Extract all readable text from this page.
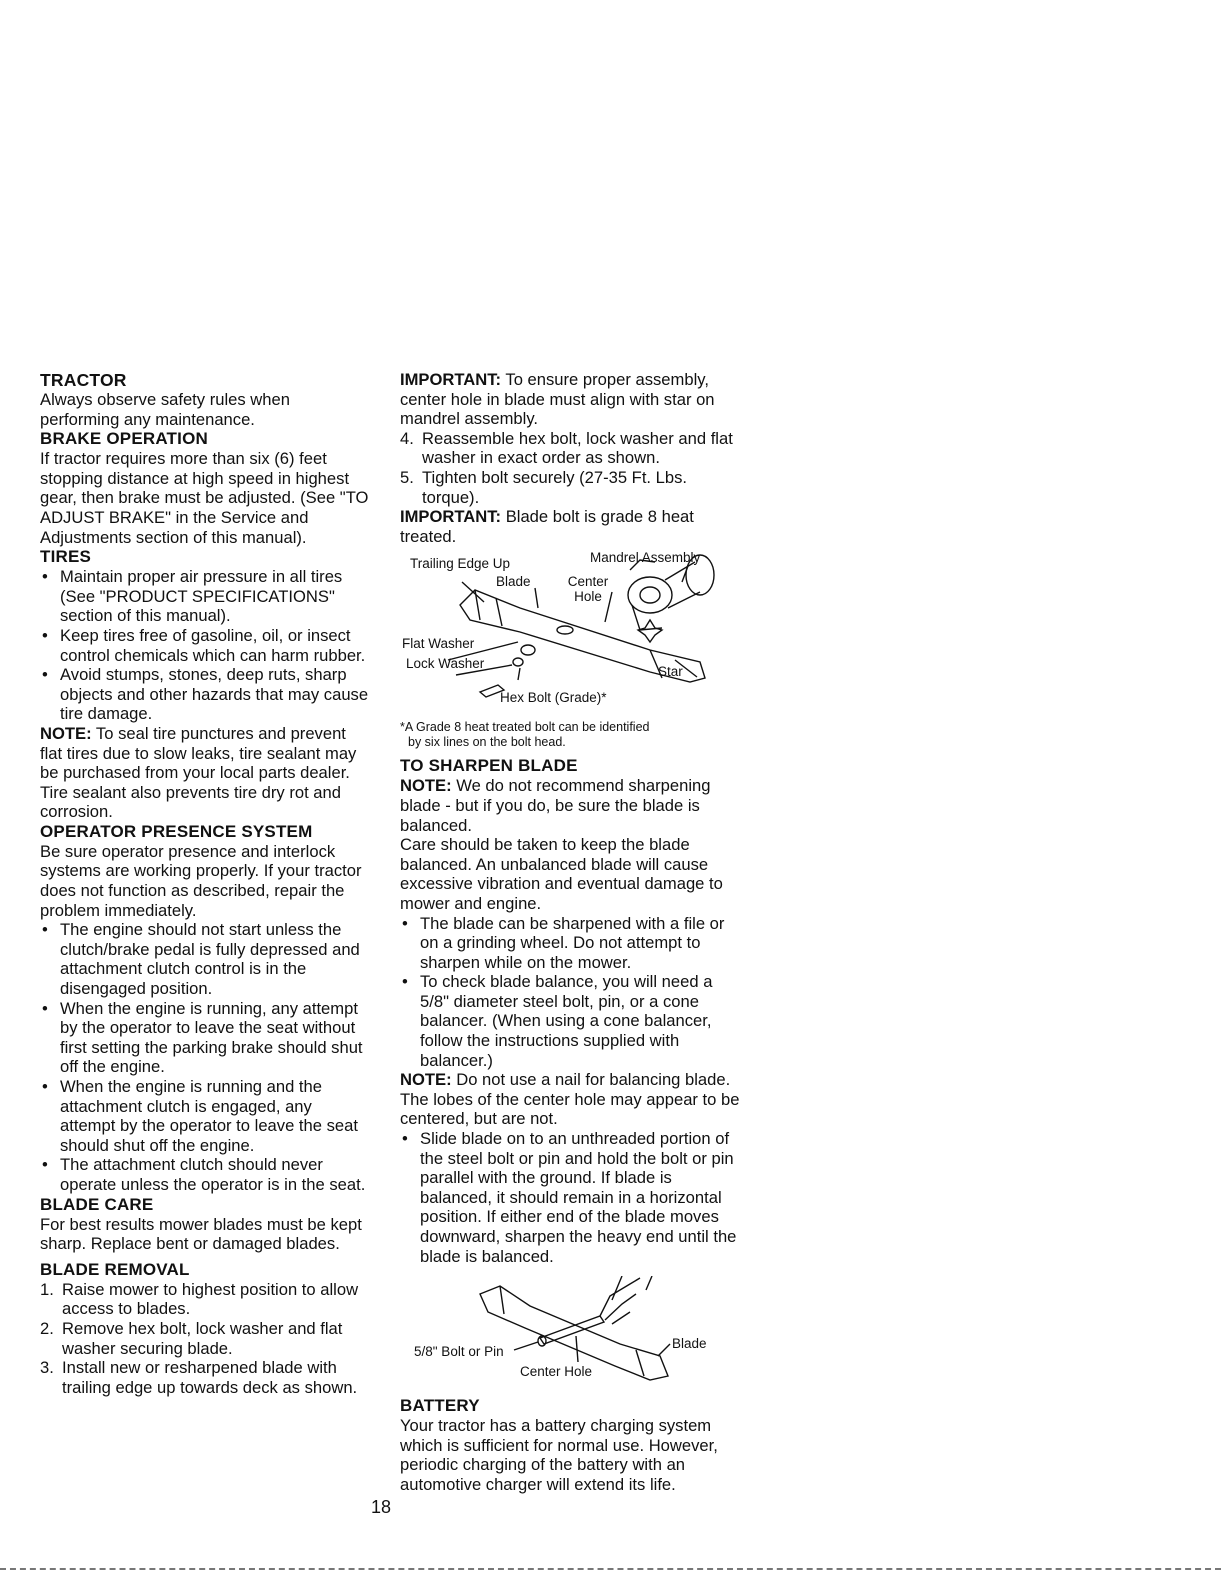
TRACTOR

Always observe safety rules when performing any maintenance.

BRAKE OPERATION

If tractor requires more than six (6) feet stopping distance at high speed in highest gear, then brake must be adjusted. (See "TO ADJUST BRAKE" in the Service and Adjustments section of this manual).

TIRES
• Maintain proper air pressure in all tires (See "PRODUCT SPECIFICATIONS" section of this manual).
• Keep tires free of gasoline, oil, or insect control chemicals which can harm rubber.
• Avoid stumps, stones, deep ruts, sharp objects and other hazards that may cause tire damage.

NOTE: To seal tire punctures and prevent flat tires due to slow leaks, tire sealant may be purchased from your local parts dealer. Tire sealant also prevents tire dry rot and corrosion.

OPERATOR PRESENCE SYSTEM

Be sure operator presence and interlock systems are working properly. If your tractor does not function as described, repair the problem immediately.

• The engine should not start unless the clutch/brake pedal is fully depressed and attachment clutch control is in the disengaged position.
• When the engine is running, any attempt by the operator to leave the seat without first setting the parking brake should shut off the engine.
• When the engine is running and the attachment clutch is engaged, any attempt by the operator to leave the seat should shut off the engine.
• The attachment clutch should never operate unless the operator is in the seat.
BLADE CARE

For best results mower blades must be kept sharp. Replace bent or damaged blades.

BLADE REMOVAL
1. Raise mower to highest position to allow access to blades.
2. Remove hex bolt, lock washer and flat washer securing blade.
3. Install new or resharpened blade with trailing edge up towards deck as shown.

IMPORTANT: To ensure proper assembly, center hole in blade must align with star on mandrel assembly.

4. Reassemble hex bolt, lock washer and flat washer in exact order as shown.
5. Tighten bolt securely (27-35 Ft. Lbs. torque).

IMPORTANT: Blade bolt is grade 8 heat treated.

Trailing Edge Up	Mandrel Assembly
Blade	Center Hole
Flat Washer
Lock Washer
Star
Hex Bolt (Grade)*
*A Grade 8 heat treated bolt can be identified
by six lines on the bolt head.
TO SHARPEN BLADE

NOTE: We do not recommend sharpening blade - but if you do, be sure the blade is balanced.

Care should be taken to keep the blade balanced. An unbalanced blade will cause excessive vibration and eventual damage to mower and engine.

• The blade can be sharpened with a file or on a grinding wheel. Do not attempt to sharpen while on the mower.
• To check blade balance, you will need a 5/8" diameter steel bolt, pin, or a cone balancer. (When using a cone balancer, follow the instructions supplied with balancer.)

NOTE: Do not use a nail for balancing blade. The lobes of the center hole may appear to be centered, but are not.

• Slide blade on to an unthreaded portion of the steel bolt or pin and hold the bolt or pin parallel with the ground. If blade is balanced, it should remain in a horizontal position. If either end of the blade moves downward, sharpen the heavy end until the blade is balanced.
5/8" Bolt or Pin
Blade
Center Hole
BATTERY

Your tractor has a battery charging system which is sufficient for normal use. However, periodic charging of the battery with an automotive charger will extend its life.

18
